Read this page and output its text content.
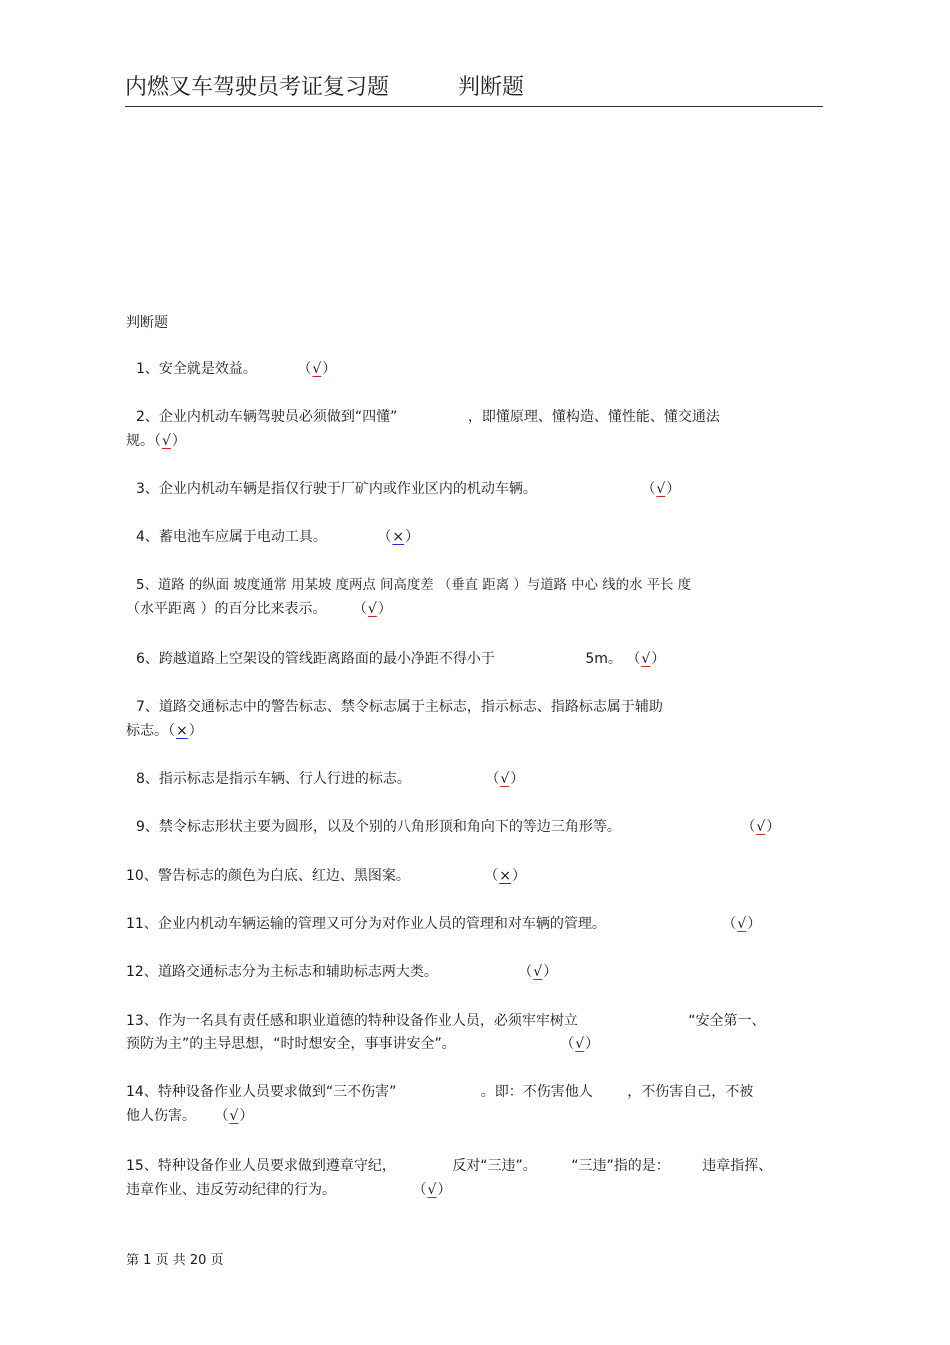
内燃叉车驾驶员考证复习题	判断题
判断题
1、安全就是效益。	（√）
2、企业内机动车辆驾驶员必须做到“四懂”	，即懂原理、懂构造、懂性能、懂交通法
规。（√）
3、企业内机动车辆是指仅行驶于厂矿内或作业区内的机动车辆。	（√）
4、蓄电池车应属于电动工具。	（×）
5、道路 的纵面 坡度通常 用某坡 度两点 间高度差 （垂直 距离 ）与道路 中心 线的水 平长 度
（水平距离 ）的百分比来表示。 （√）
6、跨越道路上空架设的管线距离路面的最小净距不得小于	5m。 （√）
7、道路交通标志中的警告标志、禁令标志属于主标志，指示标志、指路标志属于辅助
标志。（×）
8、指示标志是指示车辆、行人行进的标志。	（√）
9、禁令标志形状主要为圆形，以及个别的八角形顶和角向下的等边三角形等。	（√）
10、警告标志的颜色为白底、红边、黑图案。	（×）
11、企业内机动车辆运输的管理又可分为对作业人员的管理和对车辆的管理。	（√）
12、道路交通标志分为主标志和辅助标志两大类。	（√）
13、作为一名具有责任感和职业道德的特种设备作业人员，必须牢牢树立	“安全第一、
预防为主”的主导思想，“时时想安全，事事讲安全”。	（√）
14、特种设备作业人员要求做到“三不伤害”	。即：不伤害他人 ，不伤害自己，不被
他人伤害。 （√）
15、特种设备作业人员要求做到遵章守纪，	反对“三违”。 “三违”指的是： 违章指挥、
违章作业、违反劳动纪律的行为。	（√）
第 1 页 共 20 页
